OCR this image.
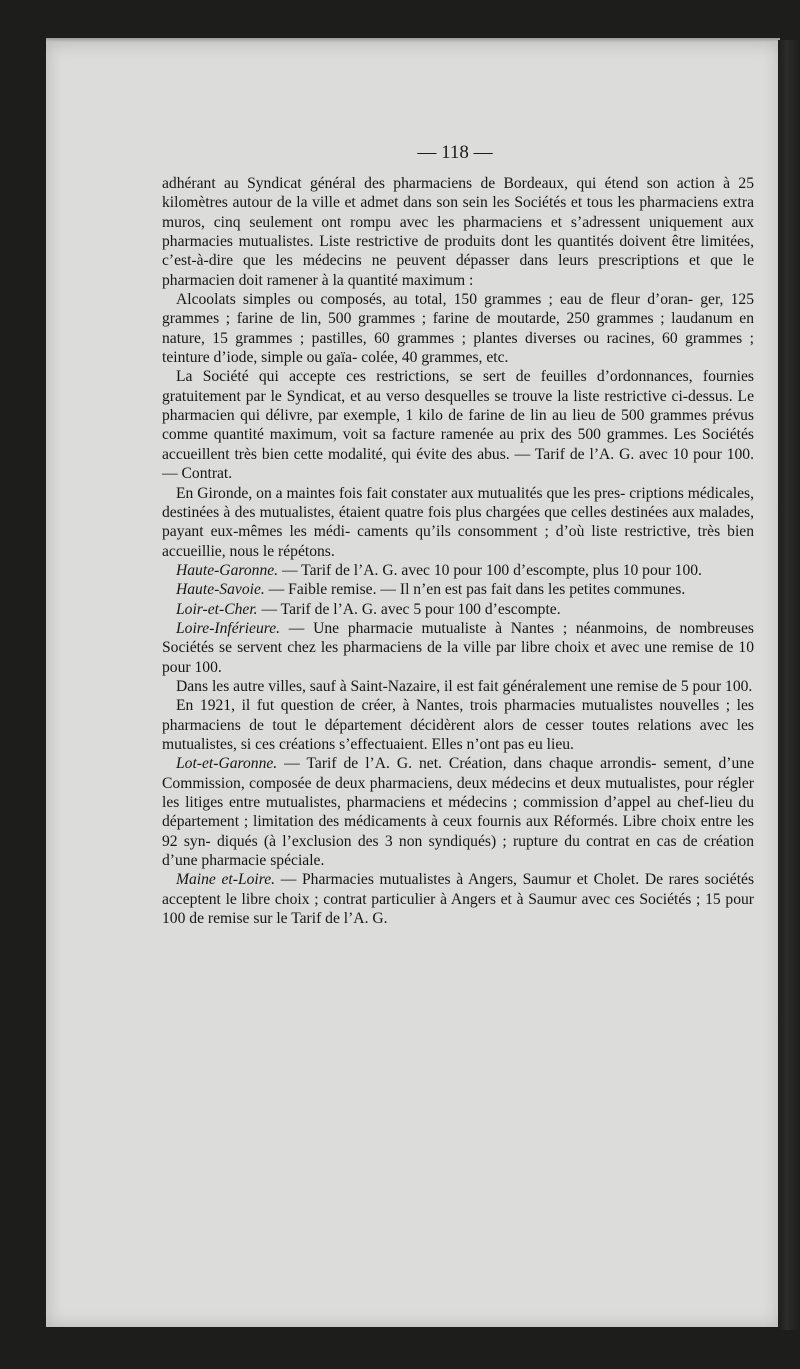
— 118 —

adhérant au Syndicat général des pharmaciens de Bordeaux, qui étend son action à 25 kilomètres autour de la ville et admet dans son sein les Sociétés et tous les pharmaciens extra muros, cinq seulement ont rompu avec les pharmaciens et s’adressent uniquement aux pharmacies mutualistes. Liste restrictive de produits dont les quantités doivent être limitées, c’est-à-dire que les médecins ne peuvent dépasser dans leurs prescriptions et que le pharmacien doit ramener à la quantité maximum :

Alcoolats simples ou composés, au total, 150 grammes ; eau de fleur d’oran- ger, 125 grammes ; farine de lin, 500 grammes ; farine de moutarde, 250 grammes ; laudanum en nature, 15 grammes ; pastilles, 60 grammes ; plantes diverses ou racines, 60 grammes ; teinture d’iode, simple ou gaïa- colée, 40 grammes, etc.

La Société qui accepte ces restrictions, se sert de feuilles d’ordonnances, fournies gratuitement par le Syndicat, et au verso desquelles se trouve la liste restrictive ci-dessus. Le pharmacien qui délivre, par exemple, 1 kilo de farine de lin au lieu de 500 grammes prévus comme quantité maximum, voit sa facture ramenée au prix des 500 grammes. Les Sociétés accueillent très bien cette modalité, qui évite des abus. — Tarif de l’A. G. avec 10 pour 100. — Contrat.

En Gironde, on a maintes fois fait constater aux mutualités que les pres- criptions médicales, destinées à des mutualistes, étaient quatre fois plus chargées que celles destinées aux malades, payant eux-mêmes les médi- caments qu’ils consomment ; d’où liste restrictive, très bien accueillie, nous le répétons.

Haute-Garonne. — Tarif de l’A. G. avec 10 pour 100 d’escompte, plus 10 pour 100.

Haute-Savoie. — Faible remise. — Il n’en est pas fait dans les petites communes.

Loir-et-Cher. — Tarif de l’A. G. avec 5 pour 100 d’escompte.

Loire-Inférieure. — Une pharmacie mutualiste à Nantes ; néanmoins, de nombreuses Sociétés se servent chez les pharmaciens de la ville par libre choix et avec une remise de 10 pour 100.

Dans les autre villes, sauf à Saint-Nazaire, il est fait généralement une remise de 5 pour 100.

En 1921, il fut question de créer, à Nantes, trois pharmacies mutualistes nouvelles ; les pharmaciens de tout le département décidèrent alors de cesser toutes relations avec les mutualistes, si ces créations s’effectuaient. Elles n’ont pas eu lieu.

Lot-et-Garonne. — Tarif de l’A. G. net. Création, dans chaque arrondis- sement, d’une Commission, composée de deux pharmaciens, deux médecins et deux mutualistes, pour régler les litiges entre mutualistes, pharmaciens et médecins ; commission d’appel au chef-lieu du département ; limitation des médicaments à ceux fournis aux Réformés. Libre choix entre les 92 syn- diqués (à l’exclusion des 3 non syndiqués) ; rupture du contrat en cas de création d’une pharmacie spéciale.

Maine et-Loire. — Pharmacies mutualistes à Angers, Saumur et Cholet. De rares sociétés acceptent le libre choix ; contrat particulier à Angers et à Saumur avec ces Sociétés ; 15 pour 100 de remise sur le Tarif de l’A. G.
